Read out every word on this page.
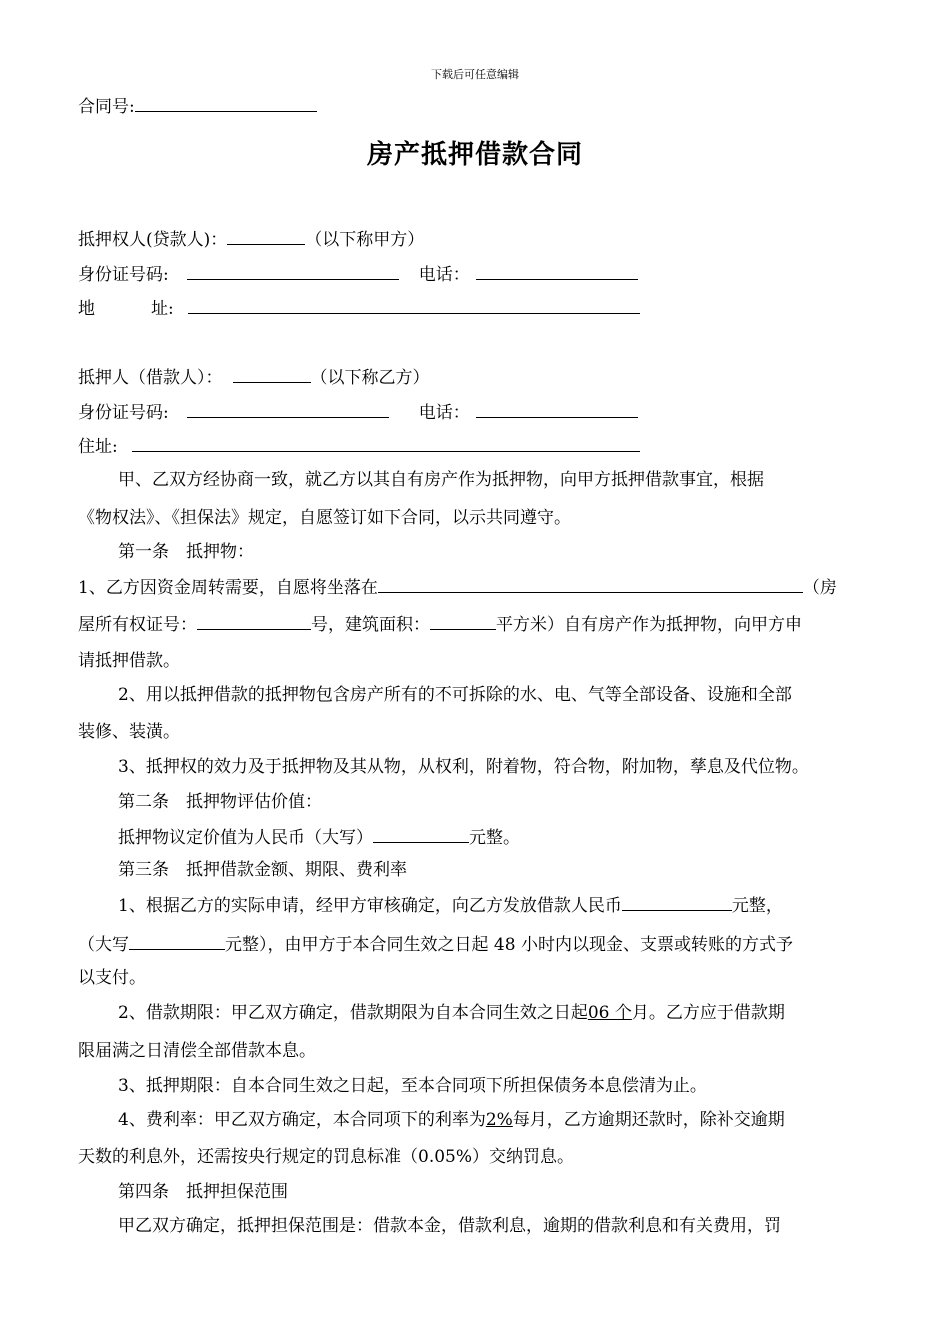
下载后可任意编辑
合同号:
房产抵押借款合同
抵押权人(贷款人)：	（以下称甲方）
身份证号码:	电话：
地	址:
抵押人（借款人）：	（以下称乙方）
身份证号码:	电话：
住址:
甲、乙双方经协商一致，就乙方以其自有房产作为抵押物，向甲方抵押借款事宜，根据
《物权法》、《担保法》规定，自愿签订如下合同，以示共同遵守。
第一条　抵押物：
1、乙方因资金周转需要，自愿将坐落在	（房
屋所有权证号：	号，建筑面积：	平方米）自有房产作为抵押物，向甲方申
请抵押借款。
2、用以抵押借款的抵押物包含房产所有的不可拆除的水、电、气等全部设备、设施和全部
装修、装潢。
3、抵押权的效力及于抵押物及其从物，从权利，附着物，符合物，附加物，孳息及代位物。
第二条　抵押物评估价值：
抵押物议定价值为人民币（大写）	元整。
第三条　抵押借款金额、期限、费利率
1、根据乙方的实际申请，经甲方审核确定，向乙方发放借款人民币	元整，
（大写	元整），由甲方于本合同生效之日起 48 小时内以现金、支票或转账的方式予
以支付。
2、借款期限：甲乙双方确定，借款期限为自本合同生效之日起06 个月。乙方应于借款期
限届满之日清偿全部借款本息。
3、抵押期限：自本合同生效之日起，至本合同项下所担保债务本息偿清为止。
4、费利率：甲乙双方确定，本合同项下的利率为2%每月，乙方逾期还款时，除补交逾期
天数的利息外，还需按央行规定的罚息标准（0.05%）交纳罚息。
第四条　抵押担保范围
甲乙双方确定，抵押担保范围是：借款本金，借款利息，逾期的借款利息和有关费用，罚
